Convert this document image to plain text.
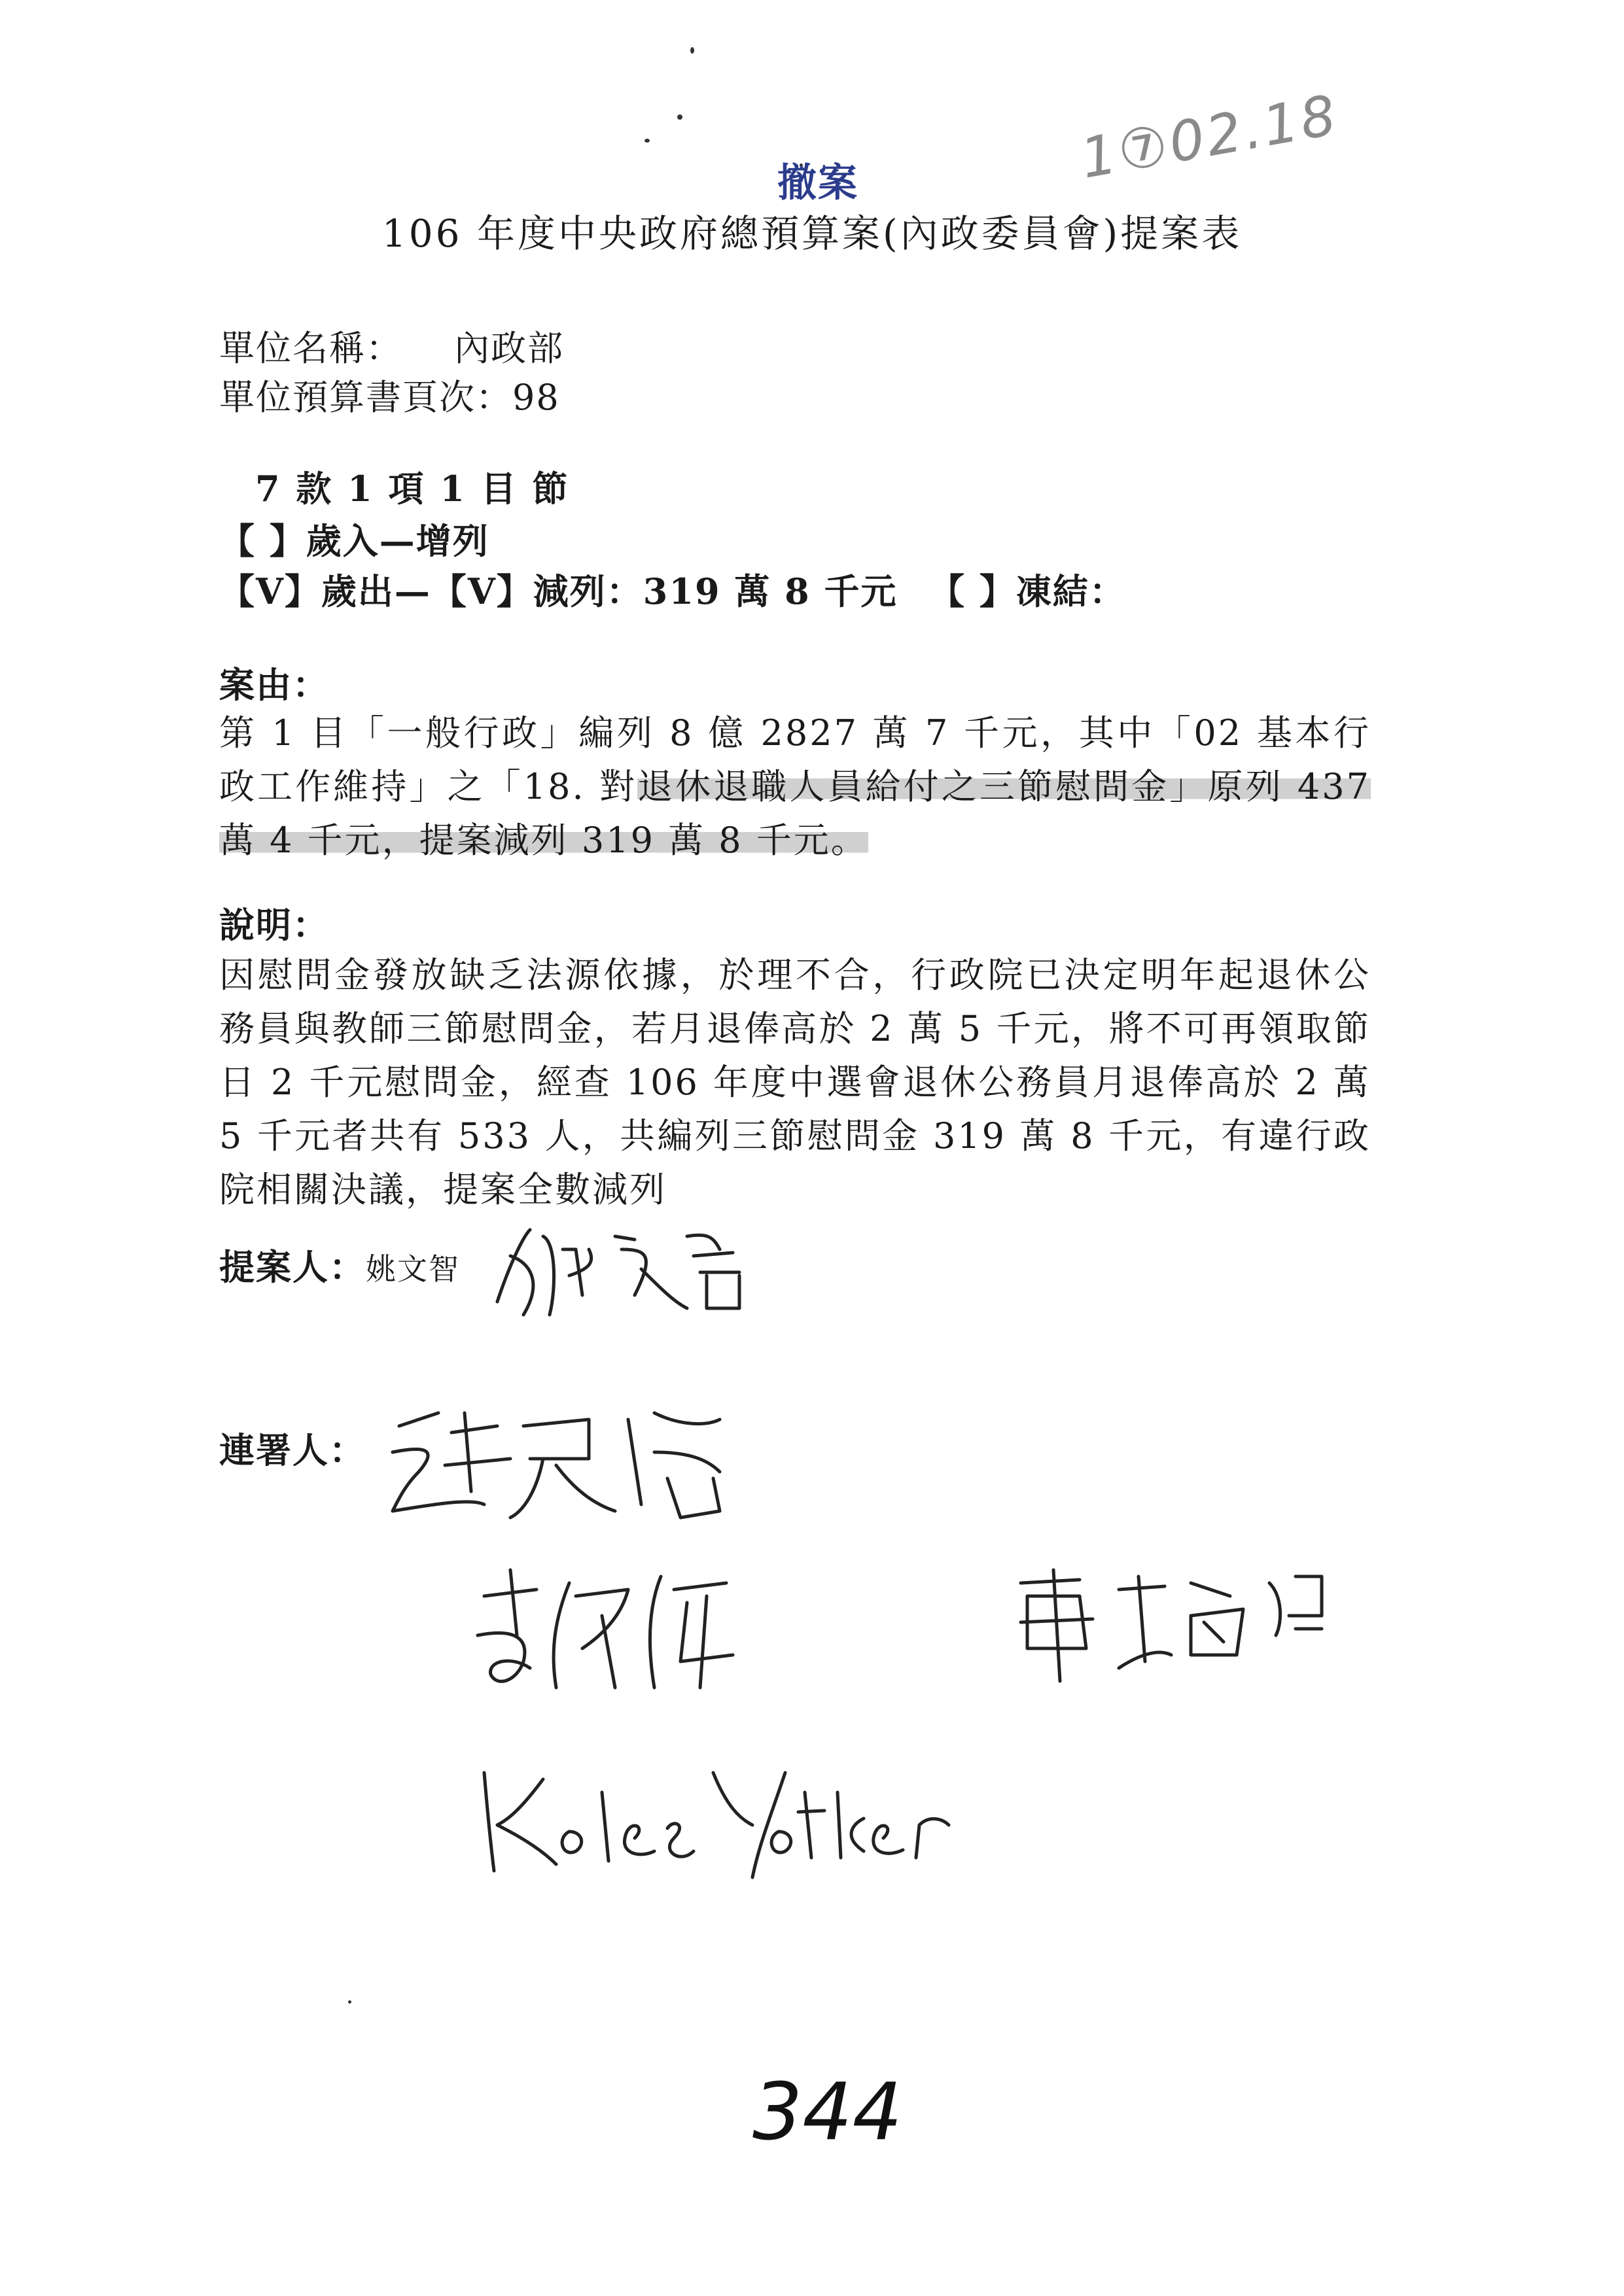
撤案	1⑦02.18
106 年度中央政府總預算案(內政委員會)提案表
單位名稱： 內政部
單位預算書頁次：98
7 款 1 項 1 目 節
【 】歲入—增列
【V】歲出—【V】減列：319 萬 8 千元 【 】凍結：
案由：
第 1 目「一般行政」編列 8 億 2827 萬 7 千元，其中「02 基本行政工作維持」之「18. 對退休退職人員給付之三節慰問金」原列 437 萬 4 千元，提案減列 319 萬 8 千元。
說明：
因慰問金發放缺乏法源依據，於理不合，行政院已決定明年起退休公務員與教師三節慰問金，若月退俸高於 2 萬 5 千元，將不可再領取節日 2 千元慰問金，經查 106 年度中選會退休公務員月退俸高於 2 萬 5 千元者共有 533 人，共編列三節慰問金 319 萬 8 千元，有違行政院相關決議，提案全數減列
提案人：姚文智
連署人：
344
